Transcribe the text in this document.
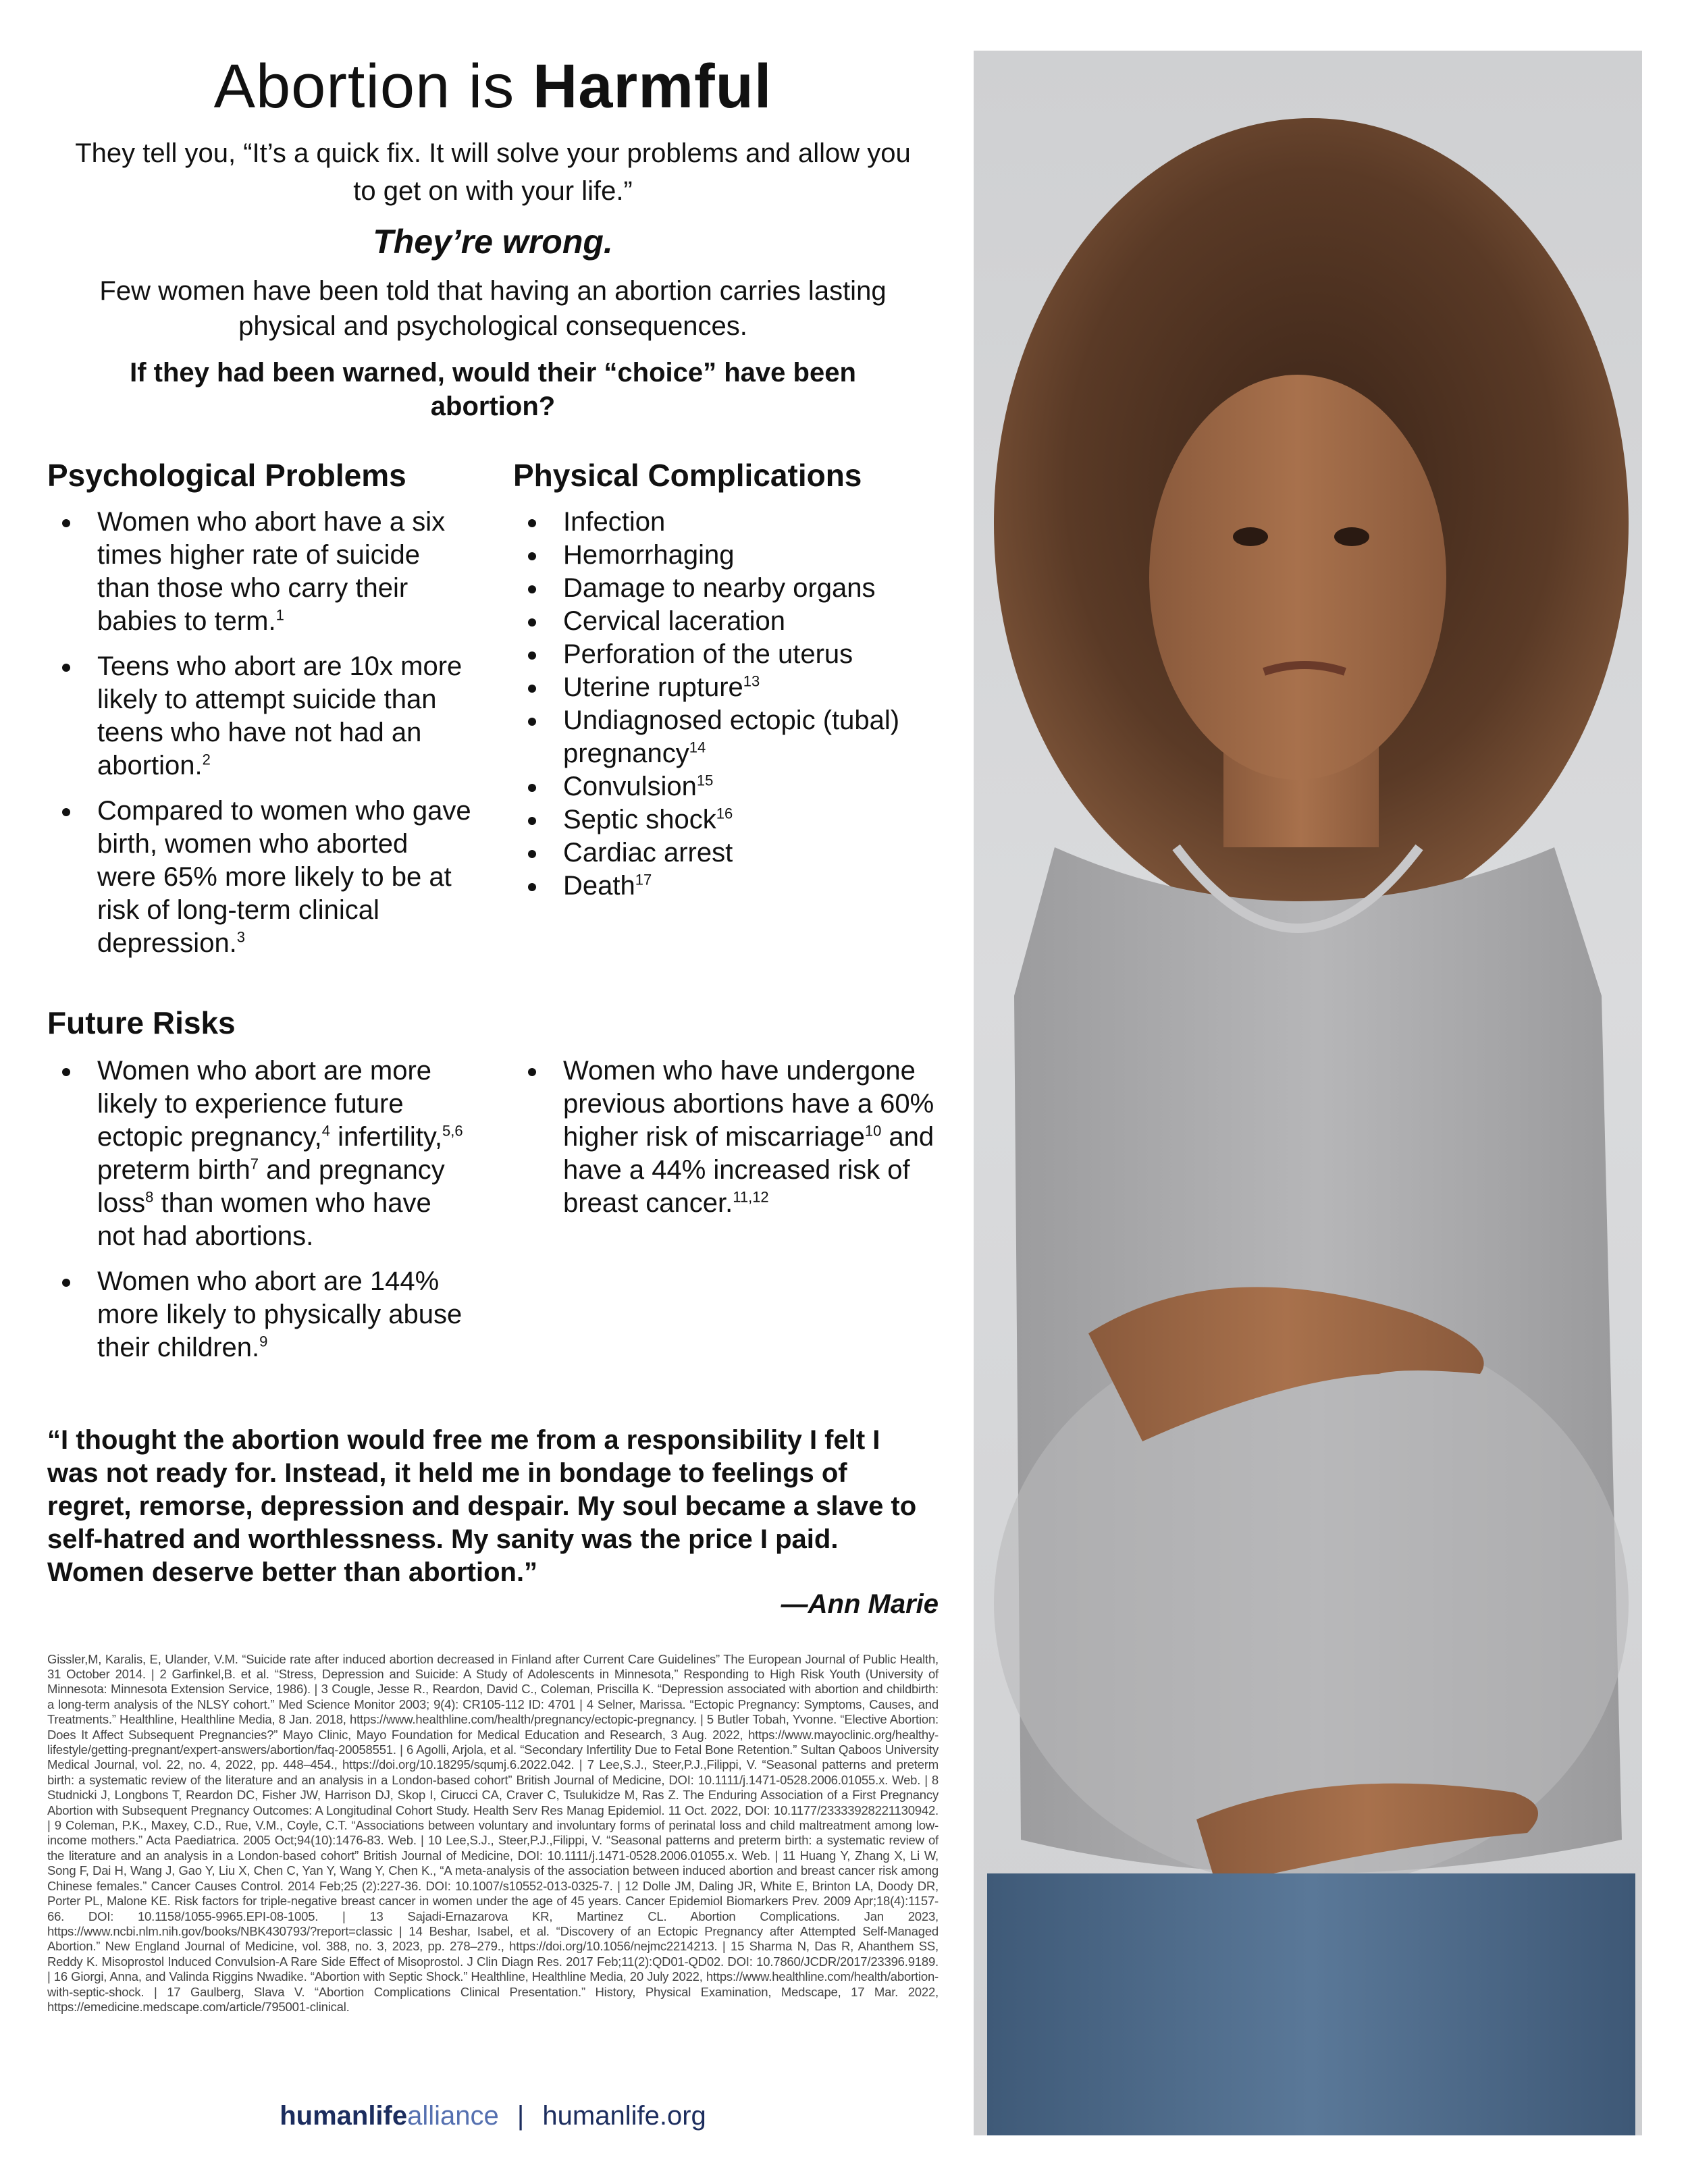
Abortion is Harmful
They tell you, “It’s a quick fix. It will solve your problems and allow you to get on with your life.”
They’re wrong.
Few women have been told that having an abortion carries lasting physical and psychological consequences.
If they had been warned, would their “choice” have been abortion?
Psychological Problems
Women who abort have a six times higher rate of suicide than those who carry their babies to term.$^1$
Teens who abort are 10x more likely to attempt suicide than teens who have not had an abortion.$^2$
Compared to women who gave birth, women who aborted were 65% more likely to be at risk of long-term clinical depression.$^3$
Physical Complications
Infection
Hemorrhaging
Damage to nearby organs
Cervical laceration
Perforation of the uterus
Uterine rupture$^{13}$
Undiagnosed ectopic (tubal) pregnancy$^{14}$
Convulsion$^{15}$
Septic shock$^{16}$
Cardiac arrest
Death$^{17}$
Future Risks
Women who abort are more likely to experience future ectopic pregnancy,$^4$ infertility,$^{5,6}$ preterm birth$^7$ and pregnancy loss$^8$ than women who have not had abortions.
Women who abort are 144% more likely to physically abuse their children.$^9$
Women who have undergone previous abortions have a 60% higher risk of miscarriage$^{10}$ and have a 44% increased risk of breast cancer.$^{11,12}$
“I thought the abortion would free me from a responsibility I felt I was not ready for. Instead, it held me in bondage to feelings of regret, remorse, depression and despair. My soul became a slave to self-hatred and worthlessness. My sanity was the price I paid. Women deserve better than abortion.”
—Ann Marie
Gissler,M, Karalis, E, Ulander, V.M. “Suicide rate after induced abortion decreased in Finland after Current Care Guidelines” The European Journal of Public Health, 31 October 2014. | 2 Garfinkel,B. et al. “Stress, Depression and Suicide: A Study of Adolescents in Minnesota,” Responding to High Risk Youth (University of Minnesota: Minnesota Extension Service, 1986). | 3 Cougle, Jesse R., Reardon, David C., Coleman, Priscilla K. “Depression associated with abortion and childbirth: a long-term analysis of the NLSY cohort.” Med Science Monitor 2003; 9(4): CR105-112 ID: 4701 | 4 Selner, Marissa. “Ectopic Pregnancy: Symptoms, Causes, and Treatments.” Healthline, Healthline Media, 8 Jan. 2018, https://www.healthline.com/health/pregnancy/ectopic-pregnancy. | 5 Butler Tobah, Yvonne. “Elective Abortion: Does It Affect Subsequent Pregnancies?” Mayo Clinic, Mayo Foundation for Medical Education and Research, 3 Aug. 2022, https://www.mayoclinic.org/healthy-lifestyle/getting-pregnant/expert-answers/abortion/faq-20058551. | 6 Agolli, Arjola, et al. “Secondary Infertility Due to Fetal Bone Retention.” Sultan Qaboos University Medical Journal, vol. 22, no. 4, 2022, pp. 448–454., https://doi.org/10.18295/squmj.6.2022.042. | 7 Lee,S.J., Steer,P.J.,Filippi, V. “Seasonal patterns and preterm birth: a systematic review of the literature and an analysis in a London-based cohort” British Journal of Medicine, DOI: 10.1111/j.1471-0528.2006.01055.x. Web. | 8 Studnicki J, Longbons T, Reardon DC, Fisher JW, Harrison DJ, Skop I, Cirucci CA, Craver C, Tsulukidze M, Ras Z. The Enduring Association of a First Pregnancy Abortion with Subsequent Pregnancy Outcomes: A Longitudinal Cohort Study. Health Serv Res Manag Epidemiol. 11 Oct. 2022, DOI: 10.1177/23333928221130942. | 9 Coleman, P.K., Maxey, C.D., Rue, V.M., Coyle, C.T. “Associations between voluntary and involuntary forms of perinatal loss and child maltreatment among low-income mothers.” Acta Paediatrica. 2005 Oct;94(10):1476-83. Web. | 10 Lee,S.J., Steer,P.J.,Filippi, V. “Seasonal patterns and preterm birth: a systematic review of the literature and an analysis in a London-based cohort” British Journal of Medicine, DOI: 10.1111/j.1471-0528.2006.01055.x. Web. | 11 Huang Y, Zhang X, Li W, Song F, Dai H, Wang J, Gao Y, Liu X, Chen C, Yan Y, Wang Y, Chen K., “A meta-analysis of the association between induced abortion and breast cancer risk among Chinese females.” Cancer Causes Control. 2014 Feb;25 (2):227-36. DOI: 10.1007/s10552-013-0325-7. | 12 Dolle JM, Daling JR, White E, Brinton LA, Doody DR, Porter PL, Malone KE. Risk factors for triple-negative breast cancer in women under the age of 45 years. Cancer Epidemiol Biomarkers Prev. 2009 Apr;18(4):1157-66. DOI: 10.1158/1055-9965.EPI-08-1005. | 13 Sajadi-Ernazarova KR, Martinez CL. Abortion Complications. Jan 2023, https://www.ncbi.nlm.nih.gov/books/NBK430793/?report=classic | 14 Beshar, Isabel, et al. “Discovery of an Ectopic Pregnancy after Attempted Self-Managed Abortion.” New England Journal of Medicine, vol. 388, no. 3, 2023, pp. 278–279., https://doi.org/10.1056/nejmc2214213. | 15 Sharma N, Das R, Ahanthem SS, Reddy K. Misoprostol Induced Convulsion-A Rare Side Effect of Misoprostol. J Clin Diagn Res. 2017 Feb;11(2):QD01-QD02. DOI: 10.7860/JCDR/2017/23396.9189. | 16 Giorgi, Anna, and Valinda Riggins Nwadike. “Abortion with Septic Shock.” Healthline, Healthline Media, 20 July 2022, https://www.healthline.com/health/abortion-with-septic-shock. | 17 Gaulberg, Slava V. “Abortion Complications Clinical Presentation.” History, Physical Examination, Medscape, 17 Mar. 2022, https://emedicine.medscape.com/article/795001-clinical.
humanlifealliance | humanlife.org
